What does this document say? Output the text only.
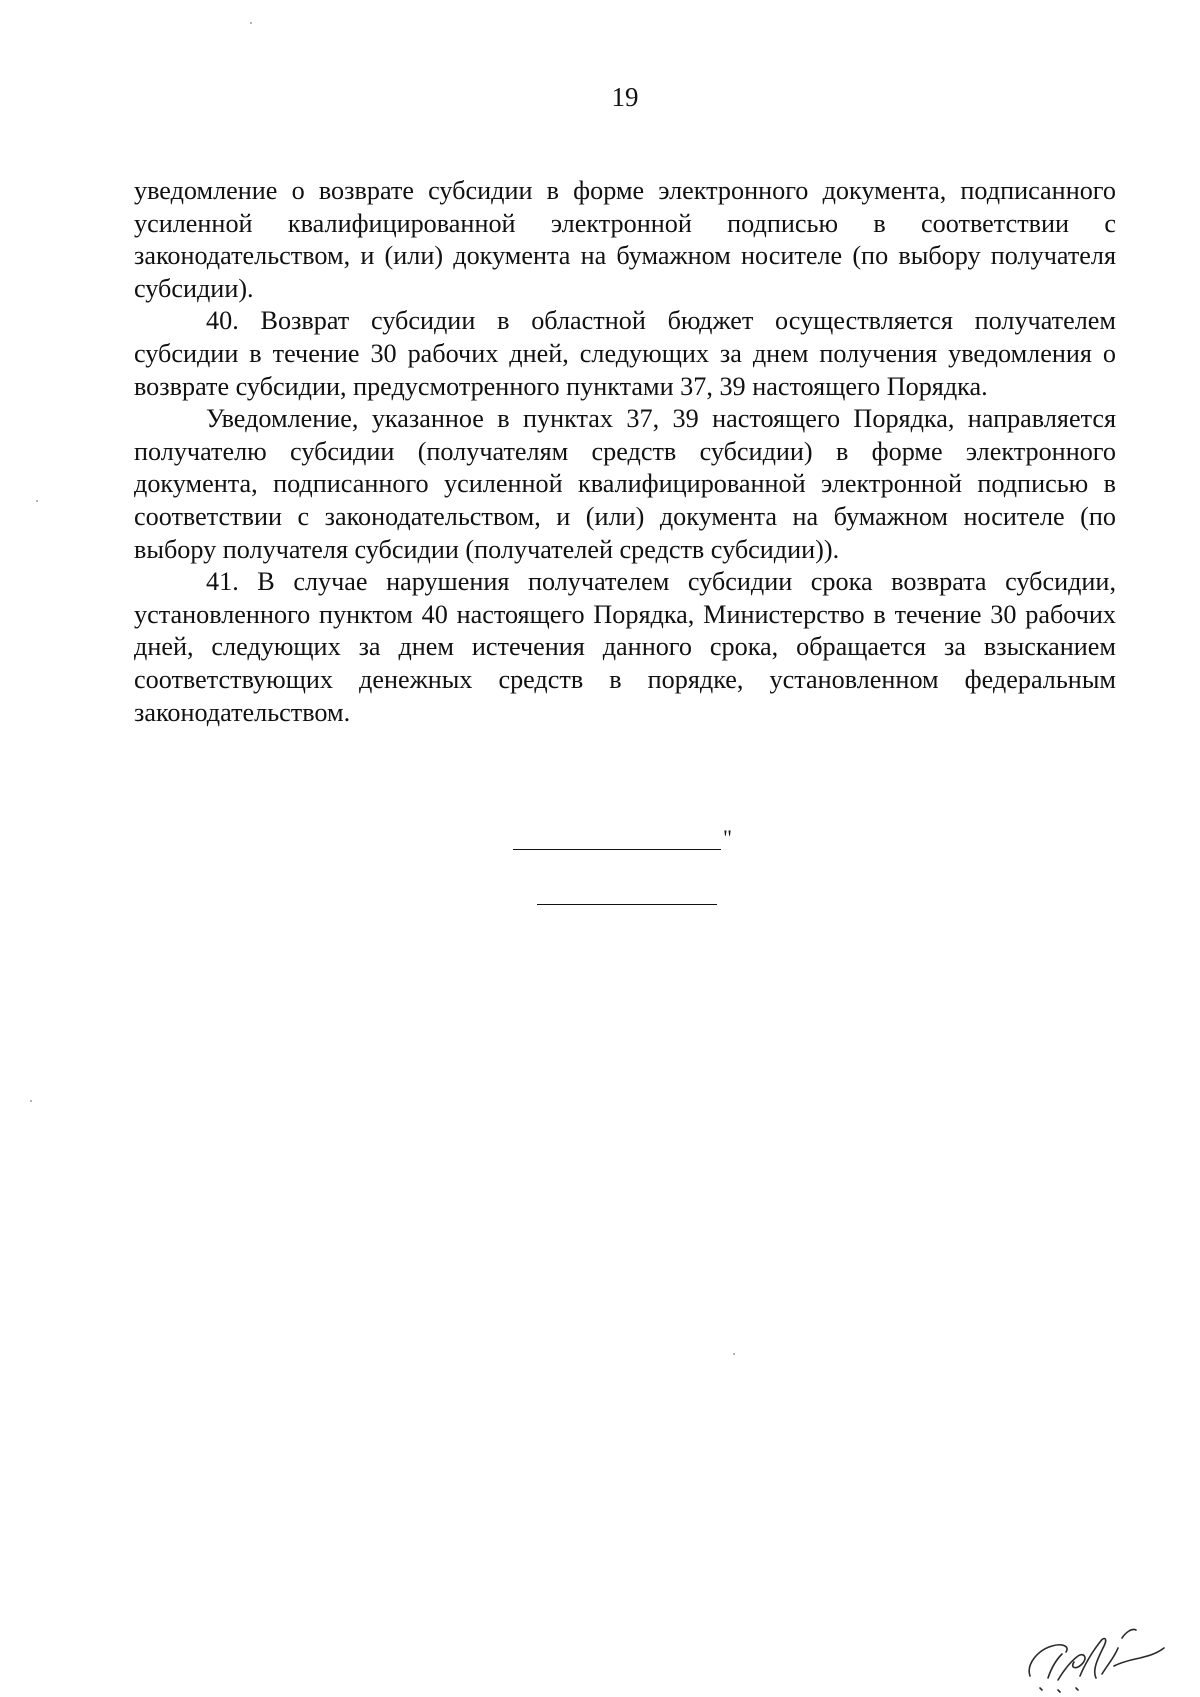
19

уведомление о возврате субсидии в форме электронного документа, подписанного усиленной квалифицированной электронной подписью в соответствии с законодательством, и (или) документа на бумажном носителе (по выбору получателя субсидии).

40. Возврат субсидии в областной бюджет осуществляется получателем субсидии в течение 30 рабочих дней, следующих за днем получения уведомления о возврате субсидии, предусмотренного пунктами 37, 39 настоящего Порядка.

Уведомление, указанное в пунктах 37, 39 настоящего Порядка, направляется получателю субсидии (получателям средств субсидии) в форме электронного документа, подписанного усиленной квалифицированной электронной подписью в соответствии с законодательством, и (или) документа на бумажном носителе (по выбору получателя субсидии (получателей средств субсидии)).

41. В случае нарушения получателем субсидии срока возврата субсидии, установленного пунктом 40 настоящего Порядка, Министерство в течение 30 рабочих дней, следующих за днем истечения данного срока, обращается за взысканием соответствующих денежных средств в порядке, установленном федеральным законодательством.

"
